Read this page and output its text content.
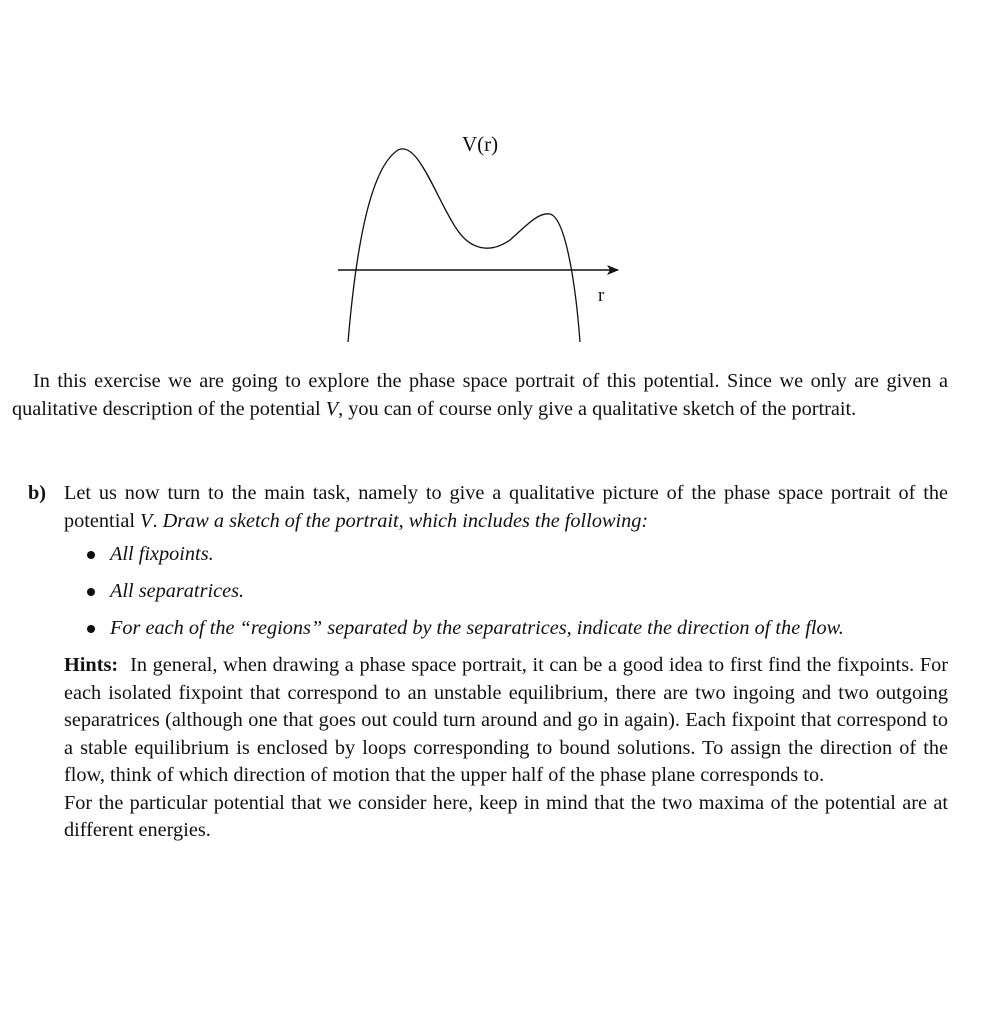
V(r)
r

In this exercise we are going to explore the phase space portrait of this potential. Since we only are given a qualitative description of the potential V, you can of course only give a qualitative sketch of the portrait.

b) Let us now turn to the main task, namely to give a qualitative picture of the phase space portrait of the potential V. Draw a sketch of the portrait, which includes the following:
All fixpoints.
All separatrices.
For each of the “regions” separated by the separatrices, indicate the direction of the flow.
Hints: In general, when drawing a phase space portrait, it can be a good idea to first find the fixpoints. For each isolated fixpoint that correspond to an unstable equilibrium, there are two ingoing and two outgoing separatrices (although one that goes out could turn around and go in again). Each fixpoint that correspond to a stable equilibrium is enclosed by loops corresponding to bound solutions. To assign the direction of the flow, think of which direction of motion that the upper half of the phase plane corresponds to.
For the particular potential that we consider here, keep in mind that the two maxima of the potential are at different energies.
